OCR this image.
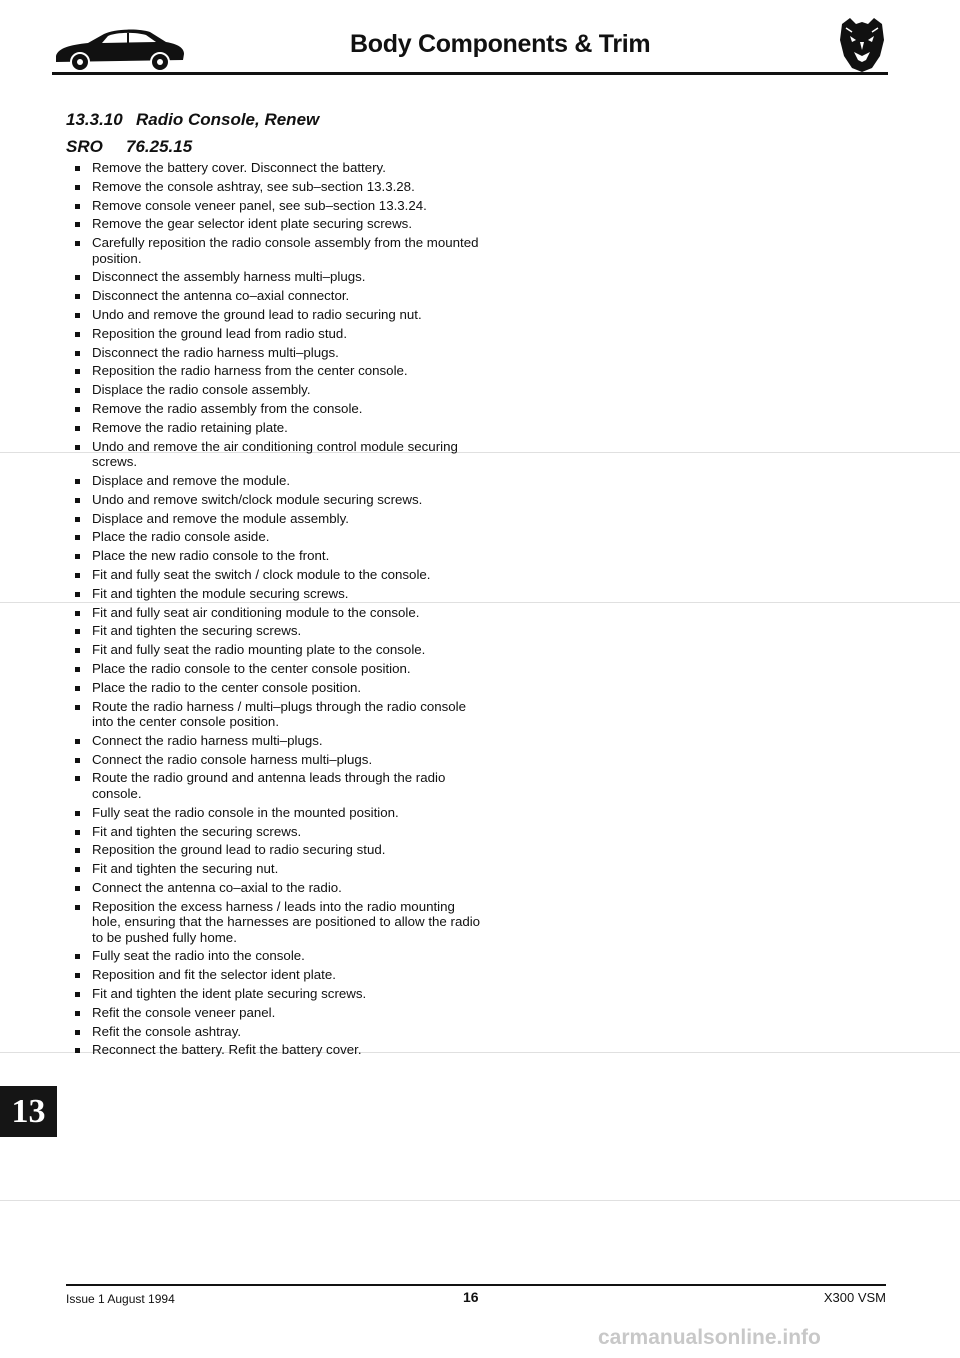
Body Components & Trim
13.3.10 Radio Console, Renew
SRO 76.25.15
Remove the battery cover. Disconnect the battery.
Remove the console ashtray, see sub–section 13.3.28.
Remove console veneer panel, see sub–section 13.3.24.
Remove the gear selector ident plate securing screws.
Carefully reposition the radio console assembly from the mounted position.
Disconnect the assembly harness multi–plugs.
Disconnect the antenna co–axial connector.
Undo and remove the ground lead to radio securing nut.
Reposition the ground lead from radio stud.
Disconnect the radio harness multi–plugs.
Reposition the radio harness from the center console.
Displace the radio console assembly.
Remove the radio assembly from the console.
Remove the radio retaining plate.
Undo and remove the air conditioning control module securing screws.
Displace and remove the module.
Undo and remove switch/clock module securing screws.
Displace and remove the module assembly.
Place the radio console aside.
Place the new radio console to the front.
Fit and fully seat the switch / clock module to the console.
Fit and tighten the module securing screws.
Fit and fully seat air conditioning module to the console.
Fit and tighten the securing screws.
Fit and fully seat the radio mounting plate to the console.
Place the radio console to the center console position.
Place the radio to the center console position.
Route the radio harness / multi–plugs through the radio console into the center console position.
Connect the radio harness multi–plugs.
Connect the radio console harness multi–plugs.
Route the radio ground and antenna leads through the radio console.
Fully seat the radio console in the mounted position.
Fit and tighten the securing screws.
Reposition the ground lead to radio securing stud.
Fit and tighten the securing nut.
Connect the antenna co–axial to the radio.
Reposition the excess harness / leads into the radio mounting hole, ensuring that the harnesses are positioned to allow the radio to be pushed fully home.
Fully seat the radio into the console.
Reposition and fit the selector ident plate.
Fit and tighten the ident plate securing screws.
Refit the console veneer panel.
Refit the console ashtray.
Reconnect the battery. Refit the battery cover.
13
Issue 1 August 1994	16	X300 VSM
carmanualsonline.info
